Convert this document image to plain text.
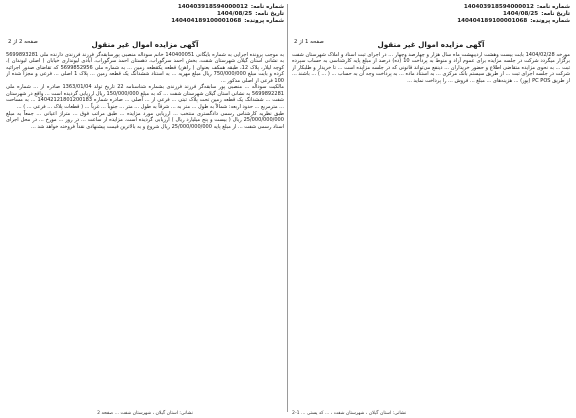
شماره نامه:
140403918594000012
تاریخ نامه:
1404/08/25
شماره پرونده:
140404189100001068
صفحه 2 از 2	آگهی مزایده اموال غیر منقول

به موجب پرونده اجرایی به شماره بایگانی 140400051 خانم سوداله منصبی پورسابقه‌گر فرزند فرزندی دارنده ملی 5699893281 به نشانی استان گیلان شهرستان شفت، بخش احمد سرگوراب، دهستان احمد سرگوراب، آبادی لیونداری خیابان ( اصلی لیوندان )، کوچه لیلار، پلاک 12، طبقه همکف بعنوان ( راهن) قطعه یکقطعه زمین ... به شماره ملی 5699852956 که تقاضای صدور اجرائیه کرده و بابت مبلغ 750/000/000 ریال مبلغ مهریه ... به استناد ششدانگ یک قطعه زمین ... پلاک 1 اصلی ... فرعی و مجزا شده از 100 فرعی از اصلی مذکور ...

مالکیت سوداله ... منصبی پور سابقه‌گر فرزند فرزندی بشماره شناسنامه 22 تاریخ تولد 1363/01/04 صادره از ... شماره ملی 5699892281 به نشانی استان گیلان شهرستان شفت ... که به مبلغ 150/000/000 ریال ارزیابی گردیده است ... واقع در شهرستان شفت ... ششدانگ یک قطعه زمین تحت پلاک ثبتی ... فرعی از ... اصلی ... صادره شماره 14042121801200183 ... به مساحت ... مترمربع ... حدود اربعه: شمالاً به طول ... متر به ... شرقاً به طول ... متر ... جنوباً ... غرباً ... ( قطعات پلاک ... فرعی ... ) ...

طبق نظریه کارشناس رسمی دادگستری منتخب ... ارزیابی مورد مزایده ... طبق مراتب فوق ... متراژ اعیانی ... جمعاً به مبلغ 25/000/000/000 ریال ( بیست و پنج میلیارد ریال ) ارزیابی گردیده است. مزایده از ساعت ... در روز ... مورخ ... در محل اجرای اسناد رسمی شفت ... از مبلغ پایه 25/000/000/000 ریال شروع و به بالاترین قیمت پیشنهادی نقداً فروخته خواهد شد ...

نشانی: استان گیلان ، شهرستان شفت ... صفحه 2
شماره نامه:
140403918594000012
تاریخ نامه:
1404/08/25
شماره پرونده:
140404189100001068
صفحه 1 از 2	آگهی مزایده اموال غیر منقول

مورخه 1404/02/28 بابت بیست وهشت اردیبهشت ماه سال هزار و چهارصد وچهار ... در اجرای ثبت اسناد و املاک شهرستان شفت برگزار میگردد شرکت در جلسه مزایده برای عموم آزاد و منوط به پرداخت 10 (ده) درصد از مبلغ پایه کارشناسی به حساب سپرده ثبت ... به نحوی مزایده متقاضی اطلاع و حضور خریداران ... ذینفع می‌تواند قانونی که در جلسه مزایده است ... تا خریدار و طلبکار از شرکت در جلسه اجرای ثبت ... از طریق سیستم بانک مرکزی ... به استناد ماده ... به پرداخت وجه آن به حساب ... ( ... ) ... باشند ... از طریق PC POS (پوز) ... هزینه‌های ... مبلغ ... فروش ... را پرداخت نماید ...

نشانی: استان گیلان ، شهرستان شفت ، ... کد پستی ... 1-2
